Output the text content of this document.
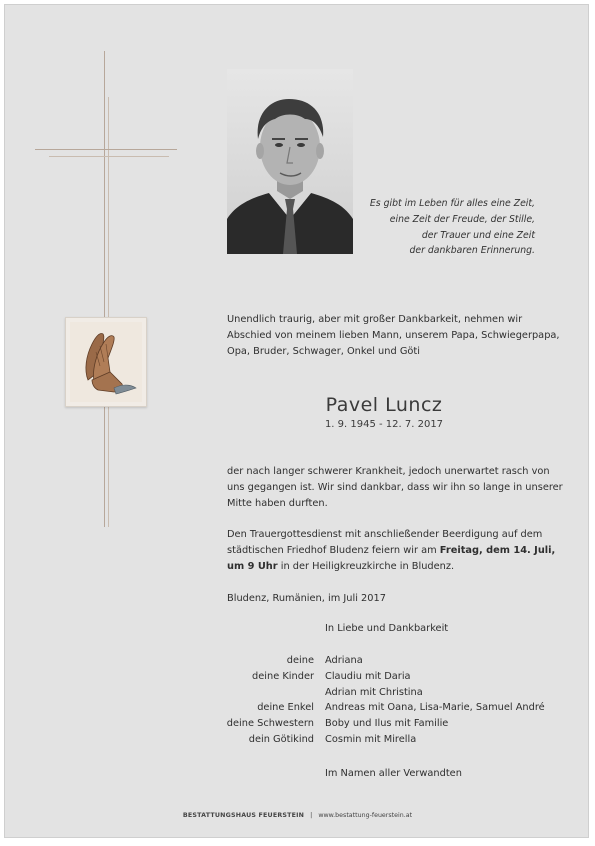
Es gibt im Leben für alles eine Zeit,
eine Zeit der Freude, der Stille,
der Trauer und eine Zeit
der dankbaren Erinnerung.
Unendlich traurig, aber mit großer Dankbarkeit, nehmen wir
Abschied von meinem lieben Mann, unserem Papa, Schwiegerpapa,
Opa, Bruder, Schwager, Onkel und Göti
Pavel Luncz
1. 9. 1945 - 12. 7. 2017
der nach langer schwerer Krankheit, jedoch unerwartet rasch von
uns gegangen ist. Wir sind dankbar, dass wir ihn so lange in unserer
Mitte haben durften.
Den Trauergottesdienst mit anschließender Beerdigung auf dem
städtischen Friedhof Bludenz feiern wir am Freitag, dem 14. Juli,
um 9 Uhr in der Heiligkreuzkirche in Bludenz.
Bludenz, Rumänien, im Juli 2017
In Liebe und Dankbarkeit
deine Adriana
deine Kinder Claudiu mit Daria
Adrian mit Christina
deine Enkel Andreas mit Oana, Lisa-Marie, Samuel André
deine Schwestern Boby und Ilus mit Familie
dein Götikind Cosmin mit Mirella
Im Namen aller Verwandten
BESTATTUNGSHAUS FEUERSTEIN | www.bestattung-feuerstein.at
